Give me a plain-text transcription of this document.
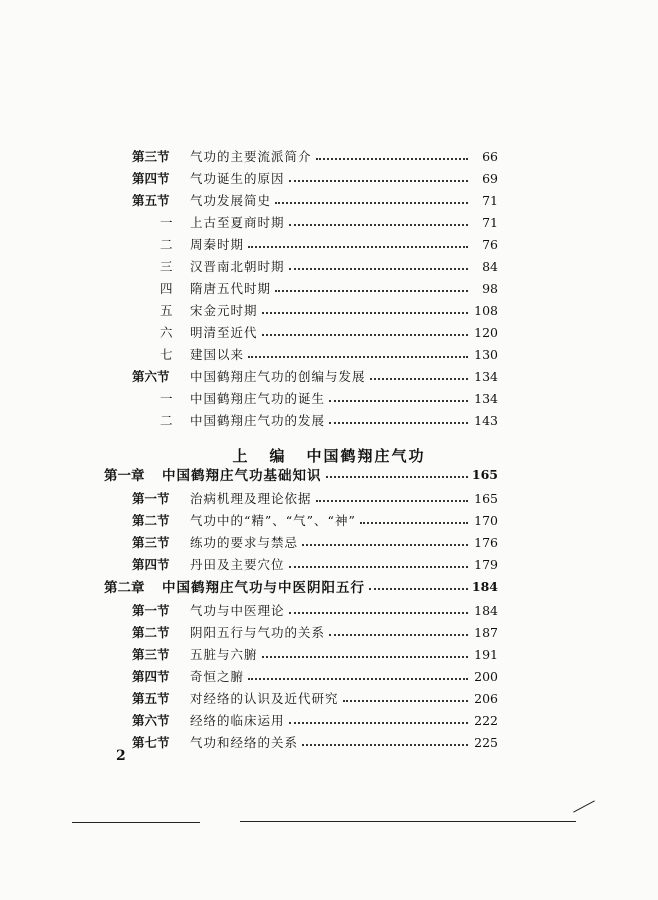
第三节	气功的主要流派简介	66
第四节	气功诞生的原因	69
第五节	气功发展简史	71
一	上古至夏商时期	71
二	周秦时期	76
三	汉晋南北朝时期	84
四	隋唐五代时期	98
五	宋金元时期	108
六	明清至近代	120
七	建国以来	130
第六节	中国鹤翔庄气功的创编与发展	134
一	中国鹤翔庄气功的诞生	134
二	中国鹤翔庄气功的发展	143
上 编 中国鹤翔庄气功
第一章	中国鹤翔庄气功基础知识	165
第一节	治病机理及理论依据	165
第二节	气功中的“精”、“气”、“神”	170
第三节	练功的要求与禁忌	176
第四节	丹田及主要穴位	179
第二章	中国鹤翔庄气功与中医阴阳五行	184
第一节	气功与中医理论	184
第二节	阴阳五行与气功的关系	187
第三节	五脏与六腑	191
第四节	奇恒之腑	200
第五节	对经络的认识及近代研究	206
第六节	经络的临床运用	222
第七节	气功和经络的关系	225
2
